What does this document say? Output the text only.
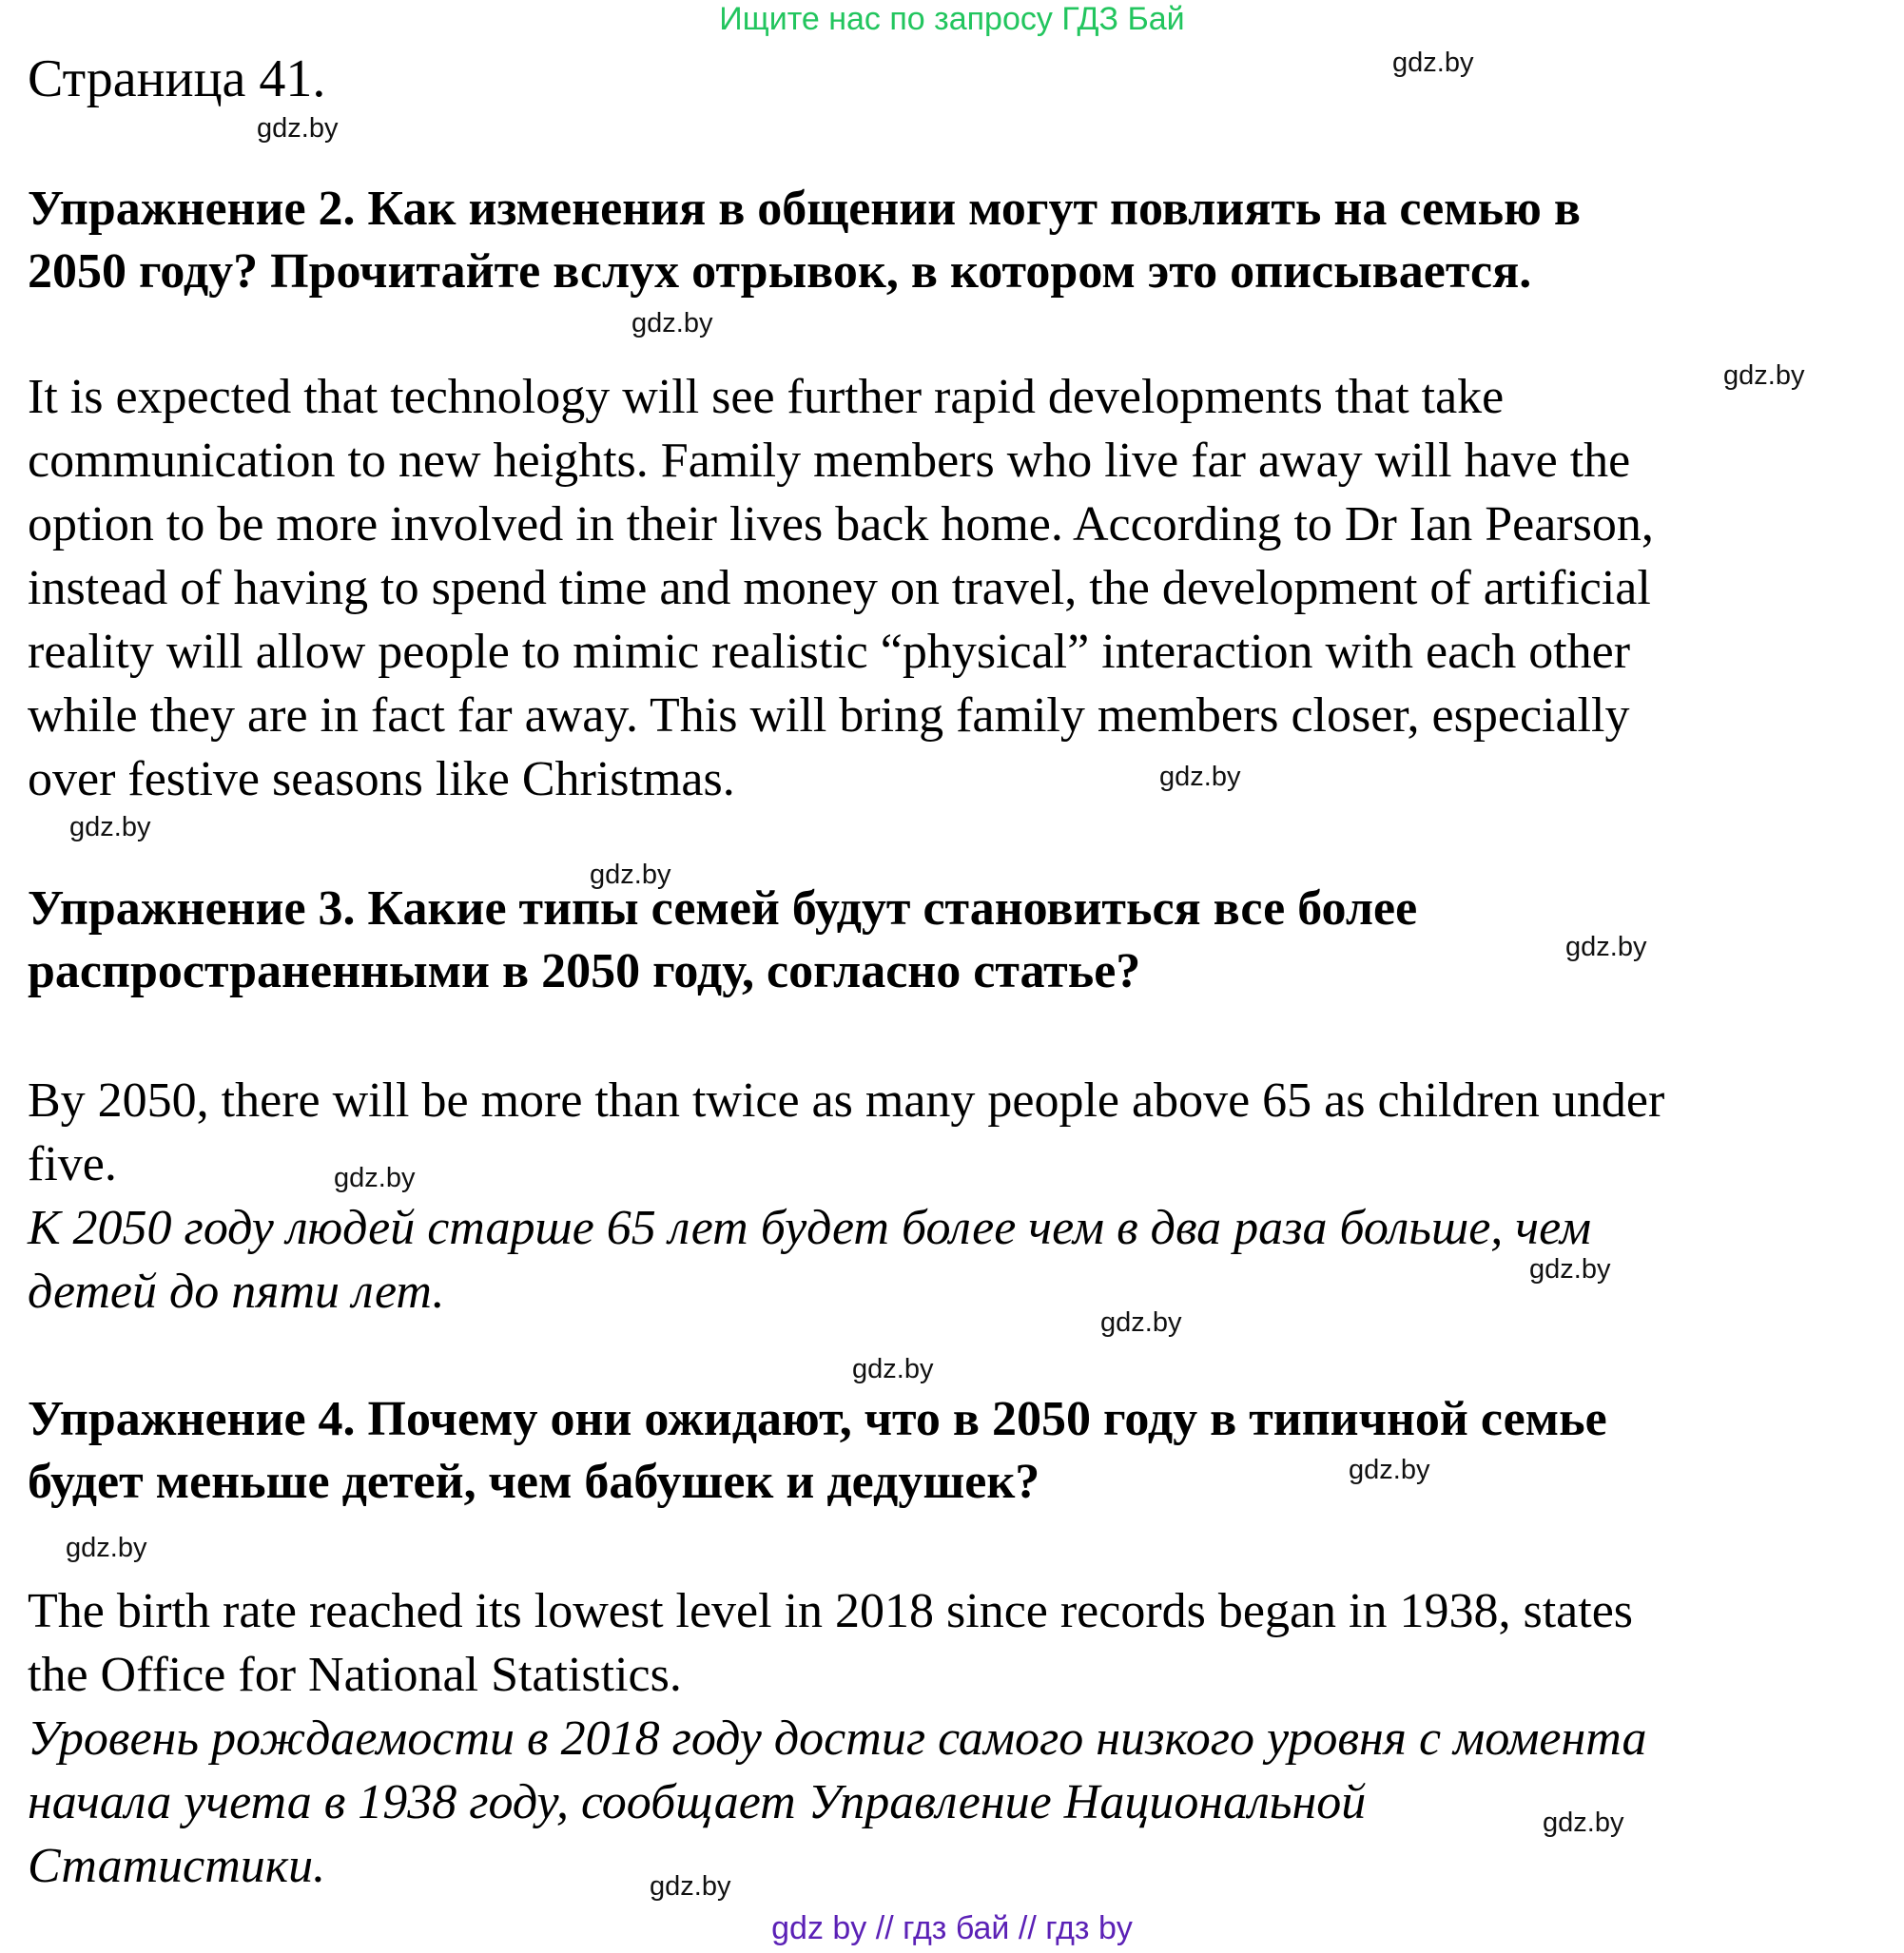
Ищите нас по запросу ГДЗ Бай
Страница 41.
Упражнение 2. Как изменения в общении могут повлиять на семью в
2050 году? Прочитайте вслух отрывок, в котором это описывается.
It is expected that technology will see further rapid developments that take
communication to new heights. Family members who live far away will have the
option to be more involved in their lives back home. According to Dr Ian Pearson,
instead of having to spend time and money on travel, the development of artificial
reality will allow people to mimic realistic “physical” interaction with each other
while they are in fact far away. This will bring family members closer, especially
over festive seasons like Christmas.
Упражнение 3. Какие типы семей будут становиться все более
распространенными в 2050 году, согласно статье?
By 2050, there will be more than twice as many people above 65 as children under
five.
К 2050 году людей старше 65 лет будет более чем в два раза больше, чем
детей до пяти лет.
Упражнение 4. Почему они ожидают, что в 2050 году в типичной семье
будет меньше детей, чем бабушек и дедушек?
The birth rate reached its lowest level in 2018 since records began in 1938, states
the Office for National Statistics.
Уровень рождаемости в 2018 году достиг самого низкого уровня с момента
начала учета в 1938 году, сообщает Управление Национальной
Статистики.
gdz.by
gdz.by
gdz.by
gdz.by
gdz.by
gdz.by
gdz.by
gdz.by
gdz.by
gdz.by
gdz.by
gdz.by
gdz.by
gdz.by
gdz.by
gdz.by
gdz by // гдз бай // гдз by
